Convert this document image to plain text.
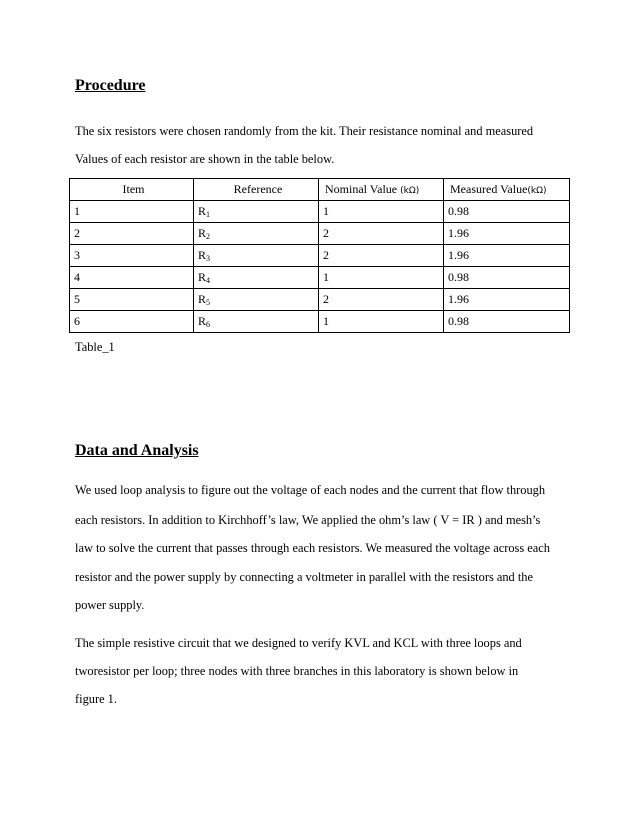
Procedure

The six resistors were chosen randomly from the kit. Their resistance nominal and measured

Values of each resistor are shown in the table below.

Item	Reference	Nominal Value (kΩ)	Measured Value(kΩ)
1	$R_1$	1	0.98
2	$R_2$	2	1.96
3	$R_3$	2	1.96
4	$R_4$	1	0.98
5	$R_5$	2	1.96
6	$R_6$	1	0.98

Table_1

Data and Analysis

We used loop analysis to figure out the voltage of each nodes and the current that flow through

each resistors. In addition to Kirchhoff’s law, We applied the ohm’s law ( V = IR ) and mesh’s

law to solve the current that passes through each resistors. We measured the voltage across each

resistor and the power supply by connecting a voltmeter in parallel with the resistors and the

power supply.

The simple resistive circuit that we designed to verify KVL and KCL with three loops and

tworesistor per loop; three nodes with three branches in this laboratory is shown below in

figure 1.
